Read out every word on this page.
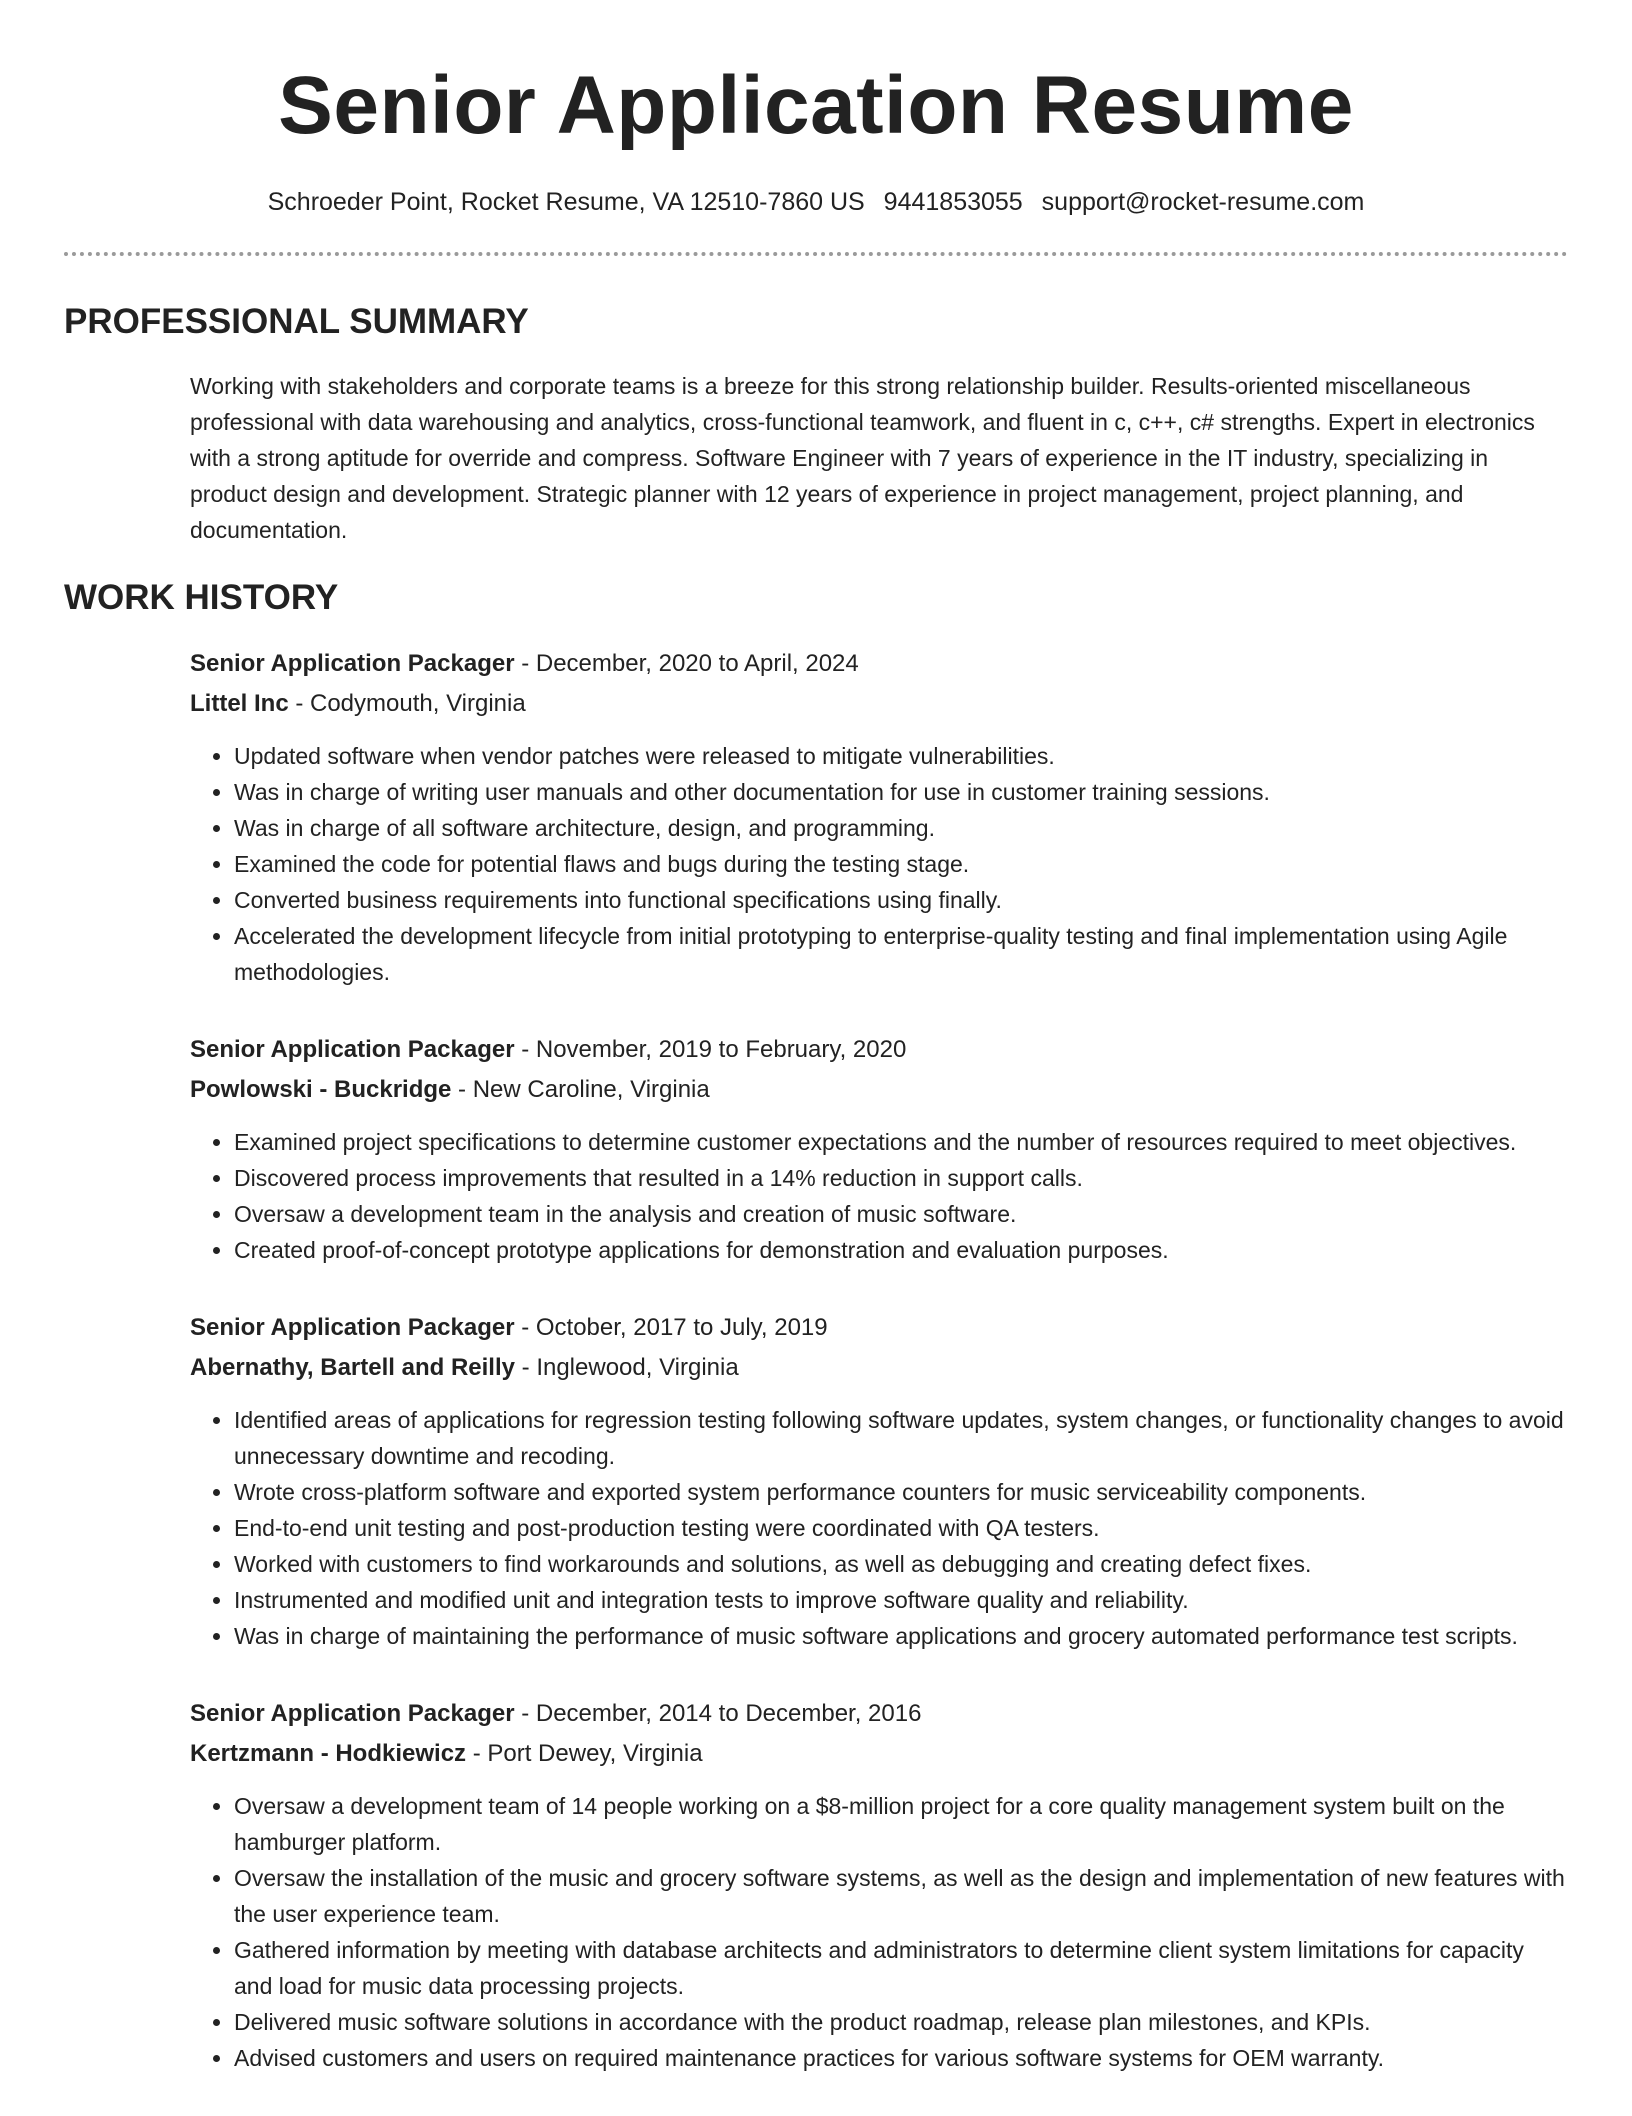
Senior Application Resume
Schroeder Point, Rocket Resume, VA 12510-7860 US 9441853055 support@rocket-resume.com
PROFESSIONAL SUMMARY

Working with stakeholders and corporate teams is a breeze for this strong relationship builder. Results-oriented miscellaneous professional with data warehousing and analytics, cross-functional teamwork, and fluent in c, c++, c# strengths. Expert in electronics with a strong aptitude for override and compress. Software Engineer with 7 years of experience in the IT industry, specializing in product design and development. Strategic planner with 12 years of experience in project management, project planning, and documentation.

WORK HISTORY
Senior Application Packager - December, 2020 to April, 2024
Littel Inc - Codymouth, Virginia
• Updated software when vendor patches were released to mitigate vulnerabilities.
• Was in charge of writing user manuals and other documentation for use in customer training sessions.
• Was in charge of all software architecture, design, and programming.
• Examined the code for potential flaws and bugs during the testing stage.
• Converted business requirements into functional specifications using finally.
• Accelerated the development lifecycle from initial prototyping to enterprise-quality testing and final implementation using Agile methodologies.
Senior Application Packager - November, 2019 to February, 2020
Powlowski - Buckridge - New Caroline, Virginia
• Examined project specifications to determine customer expectations and the number of resources required to meet objectives.
• Discovered process improvements that resulted in a 14% reduction in support calls.
• Oversaw a development team in the analysis and creation of music software.
• Created proof-of-concept prototype applications for demonstration and evaluation purposes.
Senior Application Packager - October, 2017 to July, 2019
Abernathy, Bartell and Reilly - Inglewood, Virginia
• Identified areas of applications for regression testing following software updates, system changes, or functionality changes to avoid unnecessary downtime and recoding.
• Wrote cross-platform software and exported system performance counters for music serviceability components.
• End-to-end unit testing and post-production testing were coordinated with QA testers.
• Worked with customers to find workarounds and solutions, as well as debugging and creating defect fixes.
• Instrumented and modified unit and integration tests to improve software quality and reliability.
• Was in charge of maintaining the performance of music software applications and grocery automated performance test scripts.
Senior Application Packager - December, 2014 to December, 2016
Kertzmann - Hodkiewicz - Port Dewey, Virginia
• Oversaw a development team of 14 people working on a $8-million project for a core quality management system built on the hamburger platform.
• Oversaw the installation of the music and grocery software systems, as well as the design and implementation of new features with the user experience team.
• Gathered information by meeting with database architects and administrators to determine client system limitations for capacity and load for music data processing projects.
• Delivered music software solutions in accordance with the product roadmap, release plan milestones, and KPIs.
• Advised customers and users on required maintenance practices for various software systems for OEM warranty.
